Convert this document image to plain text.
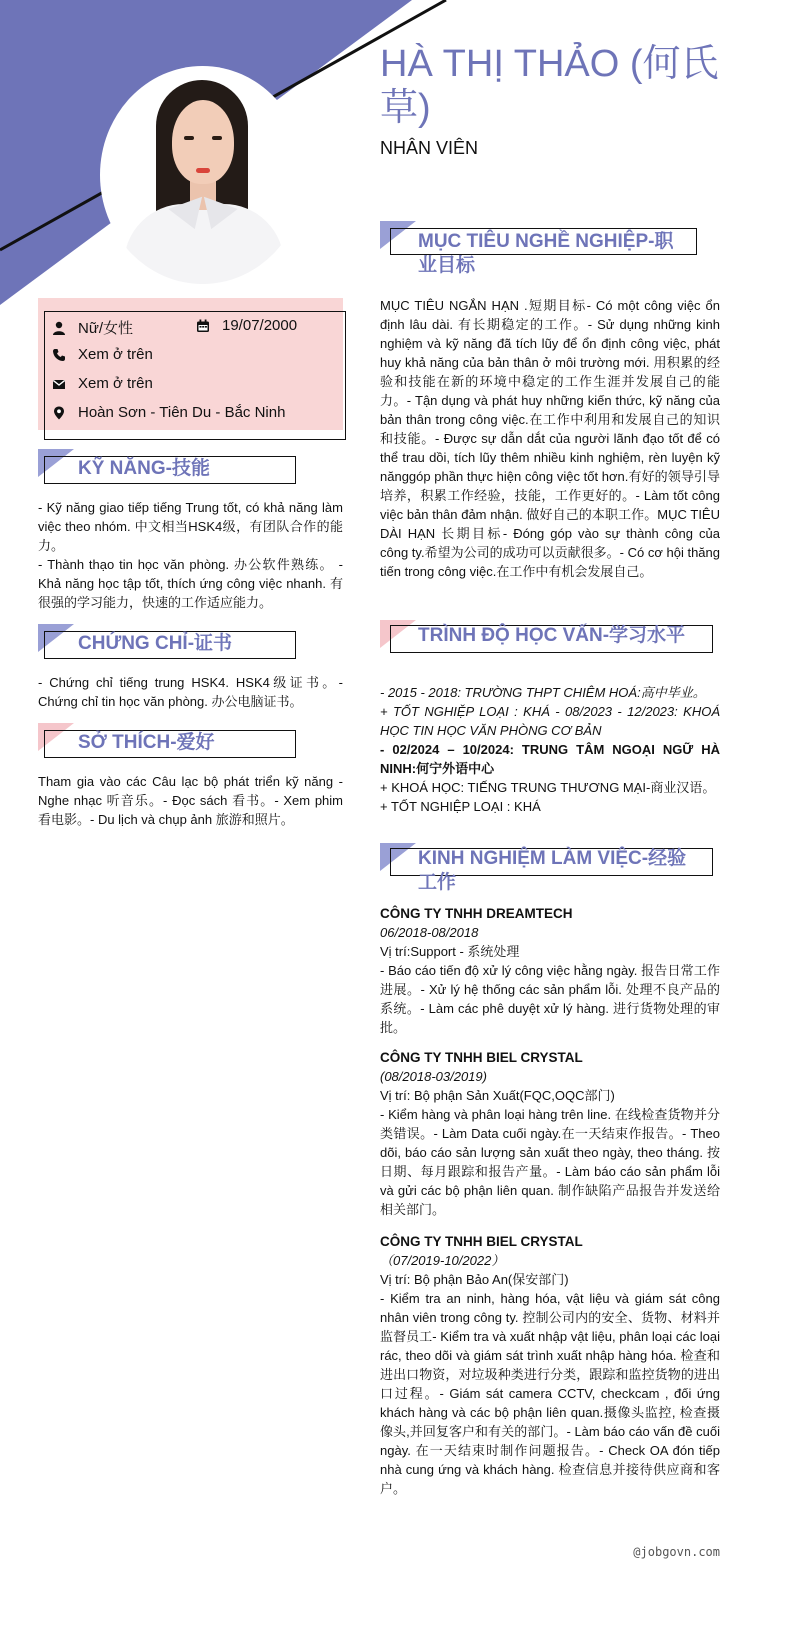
HÀ THỊ THẢO (何氏草)
NHÂN VIÊN
Nữ/女性	19/07/2000
Xem ở trên
Xem ở trên
Hoàn Sơn - Tiên Du - Bắc Ninh
KỸ NĂNG-技能
- Kỹ năng giao tiếp tiếng Trung tốt, có khả năng làm việc theo nhóm. 中文相当HSK4级，有团队合作的能力。
- Thành thạo tin học văn phòng. 办公软件熟练。 - Khả năng học tập tốt, thích ứng công việc nhanh. 有很强的学习能力，快速的工作适应能力。
CHỨNG CHỈ-证书
- Chứng chỉ tiếng trung HSK4. HSK4级证书。- Chứng chỉ tin học văn phòng. 办公电脑证书。
SỞ THÍCH-爱好
Tham gia vào các Câu lạc bộ phát triển kỹ năng - Nghe nhạc 听音乐。- Đọc sách 看书。- Xem phim 看电影。- Du lịch và chụp ảnh 旅游和照片。
MỤC TIÊU NGHỀ NGHIỆP-职业目标
MỤC TIÊU NGẮN HẠN .短期目标- Có một công việc ổn định lâu dài. 有长期稳定的工作。- Sử dụng những kinh nghiệm và kỹ năng đã tích lũy để ổn định công việc, phát huy khả năng của bản thân ở môi trường mới. 用积累的经验和技能在新的环境中稳定的工作生涯并发展自己的能力。- Tận dụng và phát huy những kiến thức, kỹ năng của bản thân trong công việc.在工作中利用和发展自己的知识和技能。- Được sự dẫn dắt của người lãnh đạo tốt để có thể trau dồi, tích lũy thêm nhiều kinh nghiệm, rèn luyện kỹ nănggóp phần thực hiện công việc tốt hơn.有好的领导引导培养，积累工作经验，技能，工作更好的。- Làm tốt công việc bản thân đảm nhận. 做好自己的本职工作。MỤC TIÊU DÀI HẠN 长期目标- Đóng góp vào sự thành công của công ty.希望为公司的成功可以贡献很多。- Có cơ hội thăng tiến trong công việc.在工作中有机会发展自己。
TRÌNH ĐỘ HỌC VẤN-学习水平

- 2015 - 2018: TRƯỜNG THPT CHIÊM HOÁ:高中毕业。

+ TỐT NGHIỆP LOẠI : KHÁ - 08/2023 - 12/2023: KHOÁ HỌC TIN HỌC VĂN PHÒNG CƠ BẢN

- 02/2024 – 10/2024: TRUNG TÂM NGOẠI NGỮ HÀ NINH:何宁外语中心

+ KHOÁ HỌC: TIẾNG TRUNG THƯƠNG MẠI-商业汉语。

+ TỐT NGHIỆP LOẠI : KHÁ

KINH NGHIỆM LÀM VIỆC-经验工作
CÔNG TY TNHH DREAMTECH
06/2018-08/2018
Vị trí:Support - 系统处理
- Báo cáo tiến độ xử lý công việc hằng ngày. 报告日常工作进展。- Xử lý hệ thống các sản phẩm lỗi. 处理不良产品的系统。- Làm các phê duyệt xử lý hàng. 进行货物处理的审批。
CÔNG TY TNHH BIEL CRYSTAL
(08/2018-03/2019)
Vị trí: Bộ phận Sản Xuất(FQC,OQC部门)
- Kiểm hàng và phân loại hàng trên line. 在线检查货物并分类错误。- Làm Data cuối ngày.在一天结束作报告。- Theo dõi, báo cáo sản lượng sản xuất theo ngày, theo tháng. 按日期、每月跟踪和报告产量。- Làm báo cáo sản phẩm lỗi và gửi các bộ phận liên quan. 制作缺陷产品报告并发送给相关部门。
CÔNG TY TNHH BIEL CRYSTAL
（07/2019-10/2022）
Vị trí: Bộ phận Bảo An(保安部门)
- Kiểm tra an ninh, hàng hóa, vật liệu và giám sát công nhân viên trong công ty. 控制公司内的安全、货物、材料并监督员工- Kiểm tra và xuất nhập vật liệu, phân loại các loại rác, theo dõi và giám sát trình xuất nhập hàng hóa. 检查和进出口物资，对垃圾种类进行分类，跟踪和监控货物的进出口过程。- Giám sát camera CCTV, checkcam , đối ứng khách hàng và các bộ phận liên quan.摄像头监控, 检查摄像头,并回复客户和有关的部门。- Làm báo cáo vấn đề cuối ngày. 在一天结束时制作问题报告。- Check OA đón tiếp nhà cung ứng và khách hàng. 检查信息并接待供应商和客户。
@jobgovn.com
